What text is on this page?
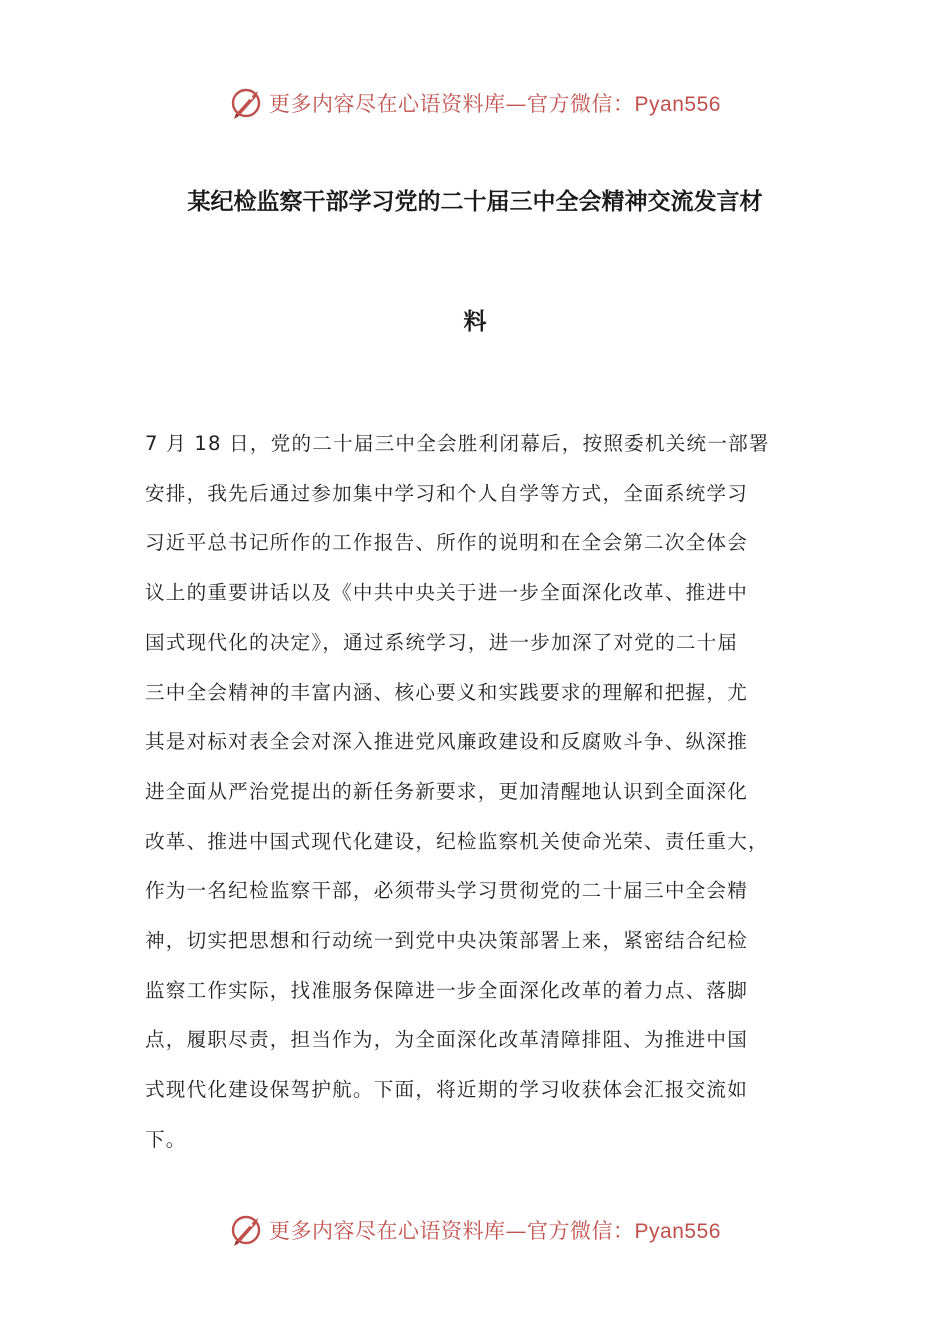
更多内容尽在心语资料库—官方微信：Pyan556
某纪检监察干部学习党的二十届三中全会精神交流发言材
料
7 月 18 日，党的二十届三中全会胜利闭幕后，按照委机关统一部署
安排，我先后通过参加集中学习和个人自学等方式，全面系统学习
习近平总书记所作的工作报告、所作的说明和在全会第二次全体会
议上的重要讲话以及《中共中央关于进一步全面深化改革、推进中
国式现代化的决定》，通过系统学习，进一步加深了对党的二十届
三中全会精神的丰富内涵、核心要义和实践要求的理解和把握，尤
其是对标对表全会对深入推进党风廉政建设和反腐败斗争、纵深推
进全面从严治党提出的新任务新要求，更加清醒地认识到全面深化
改革、推进中国式现代化建设，纪检监察机关使命光荣、责任重大，
作为一名纪检监察干部，必须带头学习贯彻党的二十届三中全会精
神，切实把思想和行动统一到党中央决策部署上来，紧密结合纪检
监察工作实际，找准服务保障进一步全面深化改革的着力点、落脚
点，履职尽责，担当作为，为全面深化改革清障排阻、为推进中国
式现代化建设保驾护航。下面，将近期的学习收获体会汇报交流如
下。
更多内容尽在心语资料库—官方微信：Pyan556
